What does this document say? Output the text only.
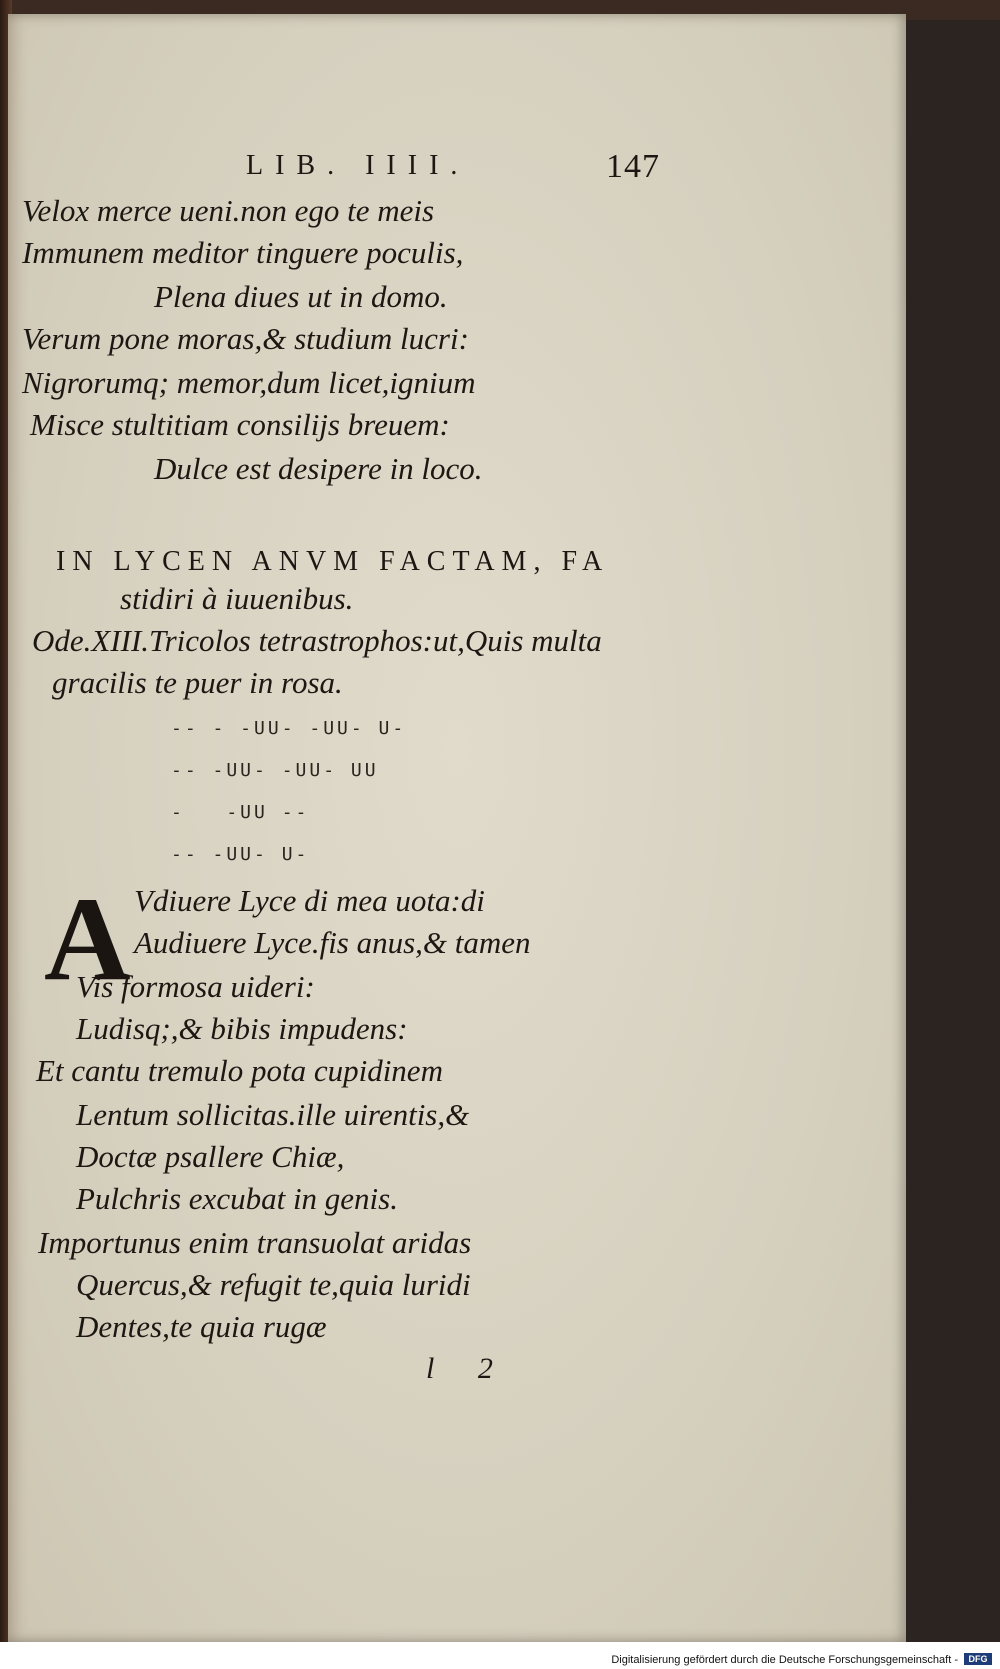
LIB. IIII.	147
Velox merce ueni.non ego te meis
Immunem meditor tinguere poculis,
Plena diues ut in domo.
Verum pone moras,& studium lucri:
Nigrorumq; memor,dum licet,ignium
Misce stultitiam consilijs breuem:
Dulce est desipere in loco.
IN LYCEN ANVM FACTAM, FA
stidiri à iuuenibus.
Ode.XIII.Tricolos tetrastrophos:ut,Quis multa
gracilis te puer in rosa.
-- - -UU- -UU- U-
-- -UU- -UU- UU
-   -UU --
-- -UU- U-
A Vdiuere Lyce di mea uota:di
Audiuere Lyce.fis anus,& tamen
Vis formosa uideri:
Ludisq;,& bibis impudens:
Et cantu tremulo pota cupidinem
Lentum sollicitas.ille uirentis,&
Doctæ psallere Chiæ,
Pulchris excubat in genis.
Importunus enim transuolat aridas
Quercus,& refugit te,quia luridi
Dentes,te quia rugæ
l 2
Digitalisierung gefördert durch die Deutsche Forschungsgemeinschaft -	DFG
